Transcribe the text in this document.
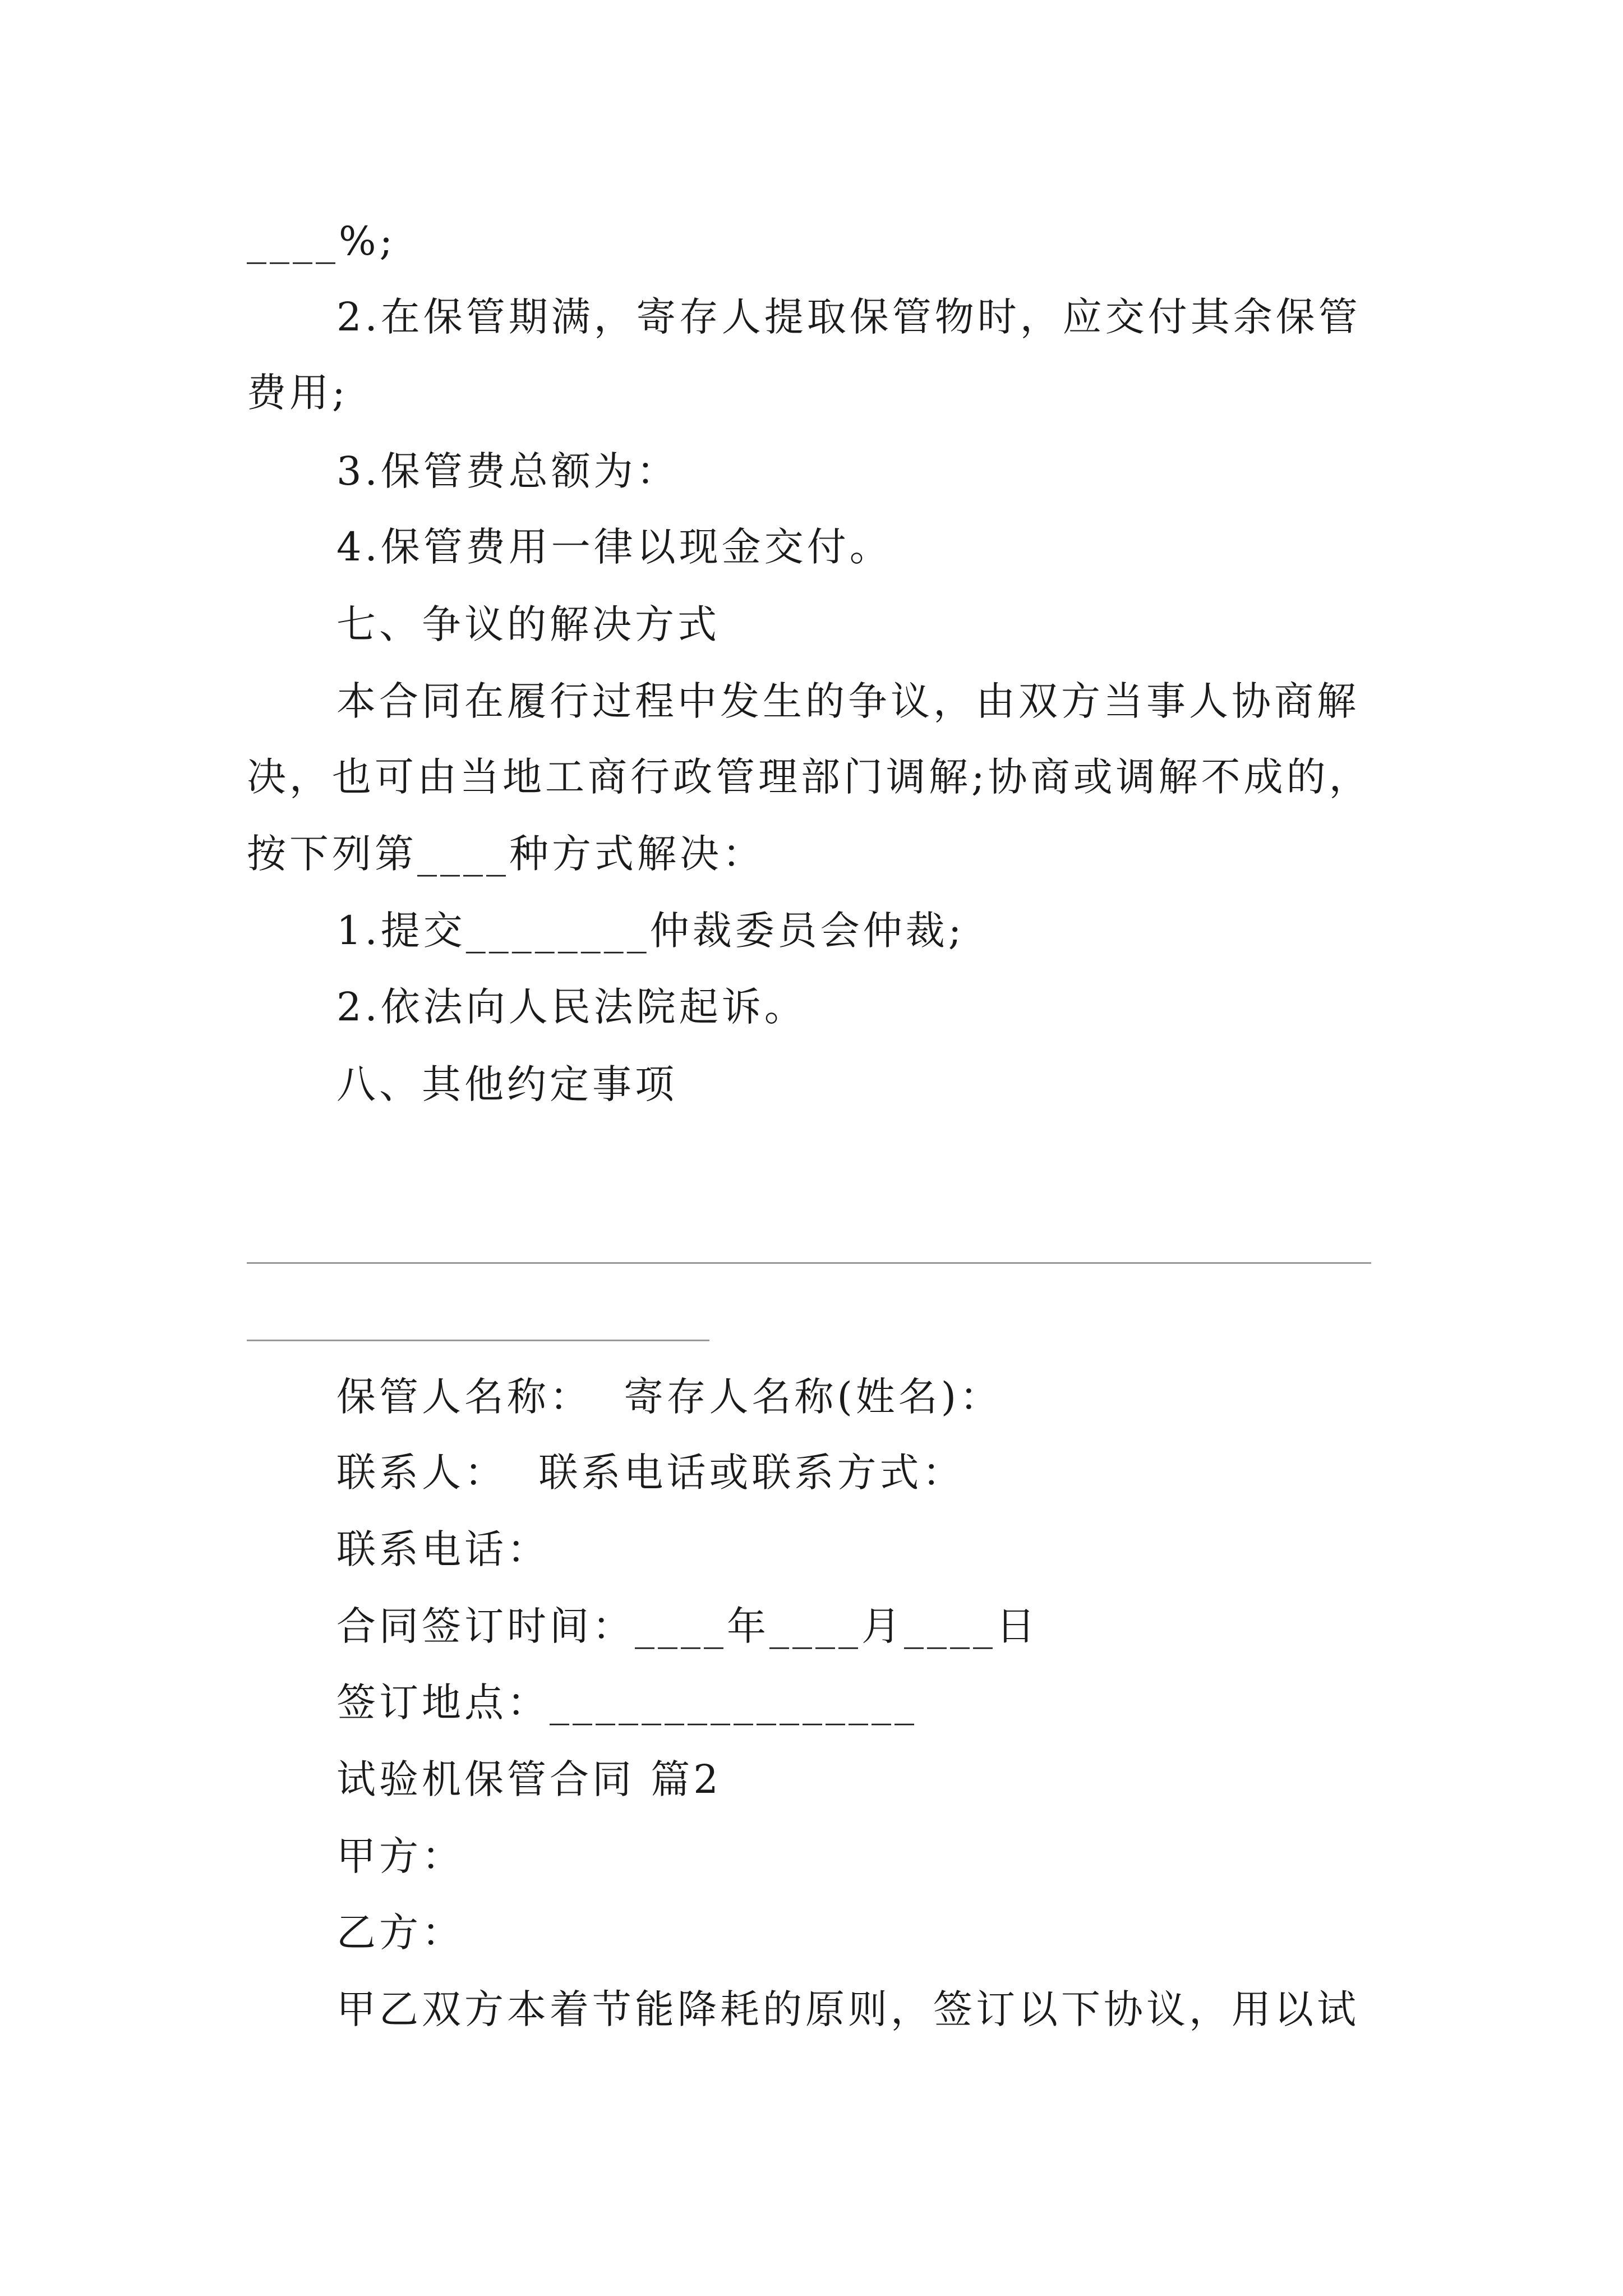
____%;
2.在保管期满，寄存人提取保管物时，应交付其余保管
费用;
3.保管费总额为：
4.保管费用一律以现金交付。
七、争议的解决方式
本合同在履行过程中发生的争议，由双方当事人协商解
决，也可由当地工商行政管理部门调解;协商或调解不成的，
按下列第____种方式解决：
1.提交________仲裁委员会仲裁;
2.依法向人民法院起诉。
八、其他约定事项
保管人名称：  寄存人名称(姓名)：
联系人：  联系电话或联系方式：
联系电话：
合同签订时间：____年____月____日
签订地点：________________
试验机保管合同 篇2
甲方：
乙方：
甲乙双方本着节能降耗的原则，签订以下协议，用以试
